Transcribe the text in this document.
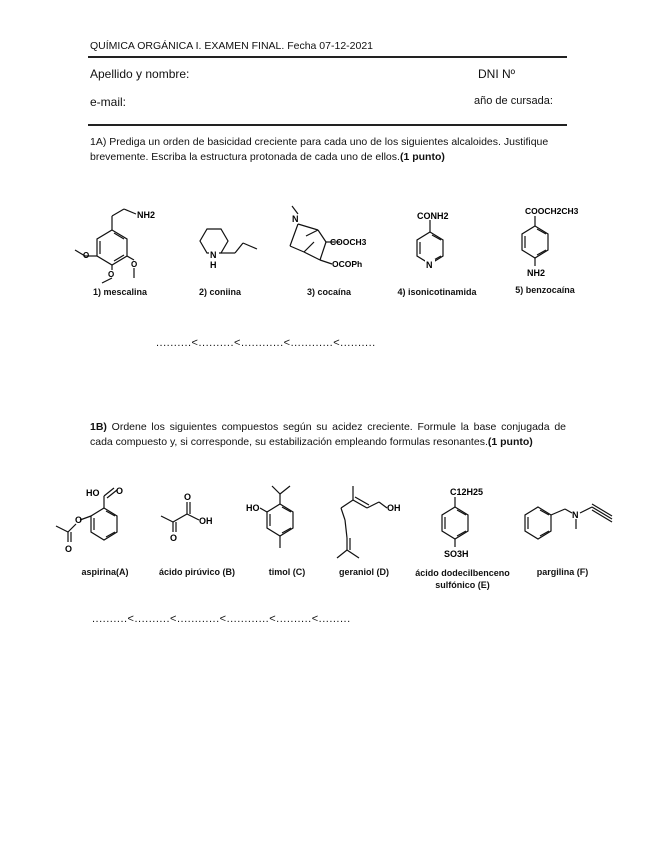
QUÍMICA ORGÁNICA I. EXAMEN FINAL. Fecha 07-12-2021
Apellido y nombre:	DNI Nº
e-mail:	año de cursada:
1A) Prediga un orden de basicidad creciente para cada uno de los siguientes alcaloides. Justifique brevemente. Escriba la estructura protonada de cada uno de ellos.(1 punto)
NH2
O
O
O
1) mescalina
N
H
2) coniina
N
COOCH3
OCOPh
3) cocaína
CONH2
N
4) isonicotinamida
COOCH2CH3
NH2
5) benzocaína
..........<..........<............<............<..........
1B) Ordene los siguientes compuestos según su acidez creciente. Formule la base conjugada de cada compuesto y, si corresponde, su estabilización empleando formulas resonantes.(1 punto)
HO O
O
O
aspirina(A)
O
OH
O
ácido pirúvico (B)
HO
timol (C)
OH
geraniol (D)
C12H25
SO3H
ácido dodecilbenceno sulfónico (E)
N
pargilina (F)
..........<..........<............<............<..........<.........
